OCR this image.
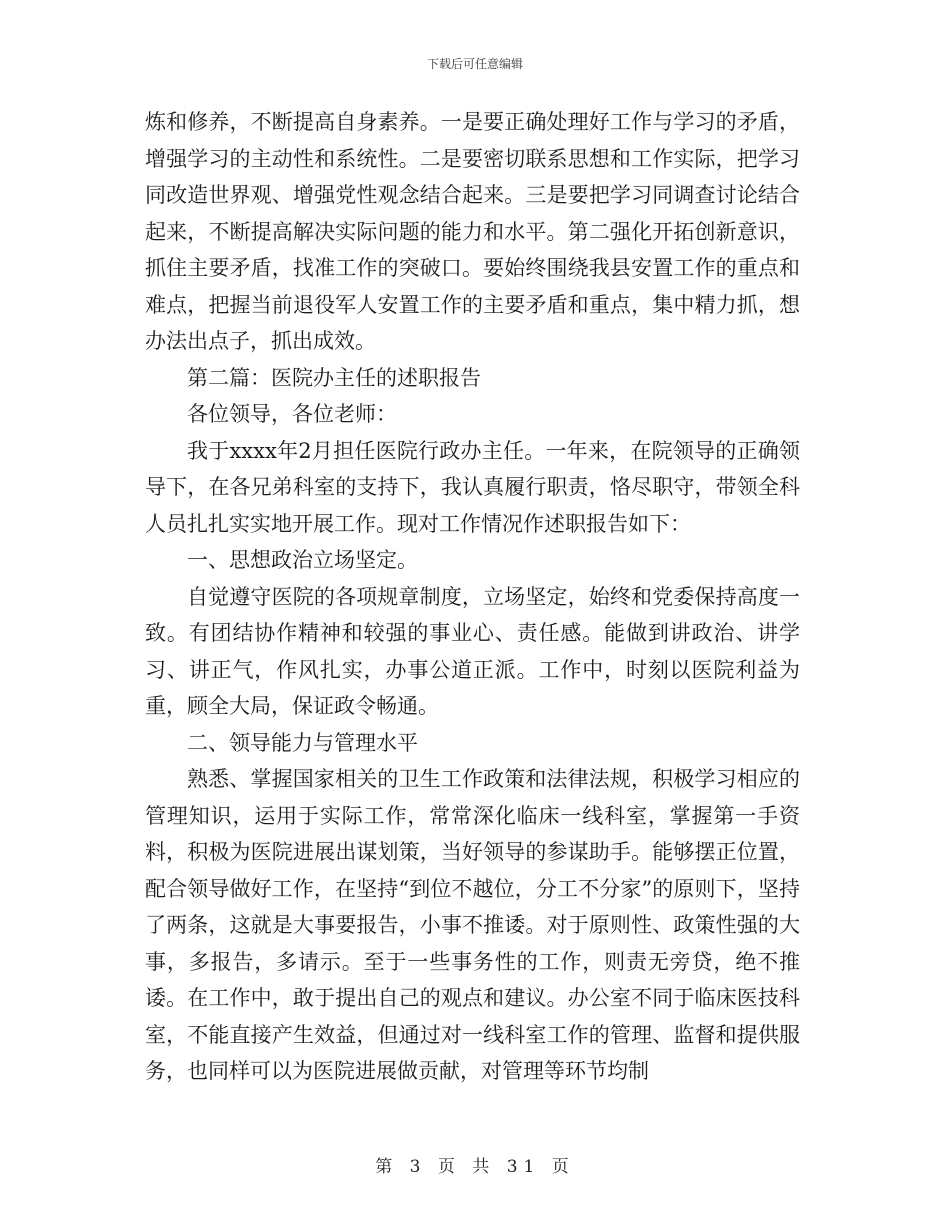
下载后可任意编辑

炼和修养，不断提高自身素养。一是要正确处理好工作与学习的矛盾，增强学习的主动性和系统性。二是要密切联系思想和工作实际，把学习同改造世界观、增强党性观念结合起来。三是要把学习同调查讨论结合起来，不断提高解决实际问题的能力和水平。第二强化开拓创新意识，抓住主要矛盾，找准工作的突破口。要始终围绕我县安置工作的重点和难点，把握当前退役军人安置工作的主要矛盾和重点，集中精力抓，想办法出点子，抓出成效。

第二篇：医院办主任的述职报告

各位领导，各位老师：

我于xxxx年2月担任医院行政办主任。一年来，在院领导的正确领导下，在各兄弟科室的支持下，我认真履行职责，恪尽职守，带领全科人员扎扎实实地开展工作。现对工作情况作述职报告如下：

一、思想政治立场坚定。

自觉遵守医院的各项规章制度，立场坚定，始终和党委保持高度一致。有团结协作精神和较强的事业心、责任感。能做到讲政治、讲学习、讲正气，作风扎实，办事公道正派。工作中，时刻以医院利益为重，顾全大局，保证政令畅通。

二、领导能力与管理水平

熟悉、掌握国家相关的卫生工作政策和法律法规，积极学习相应的管理知识，运用于实际工作，常常深化临床一线科室，掌握第一手资料，积极为医院进展出谋划策，当好领导的参谋助手。能够摆正位置，配合领导做好工作，在坚持“到位不越位，分工不分家”的原则下，坚持了两条，这就是大事要报告，小事不推诿。对于原则性、政策性强的大事，多报告，多请示。至于一些事务性的工作，则责无旁贷，绝不推诿。在工作中，敢于提出自己的观点和建议。办公室不同于临床医技科室，不能直接产生效益，但通过对一线科室工作的管理、监督和提供服务，也同样可以为医院进展做贡献，对管理等环节均制

第 3 页 共 31 页
